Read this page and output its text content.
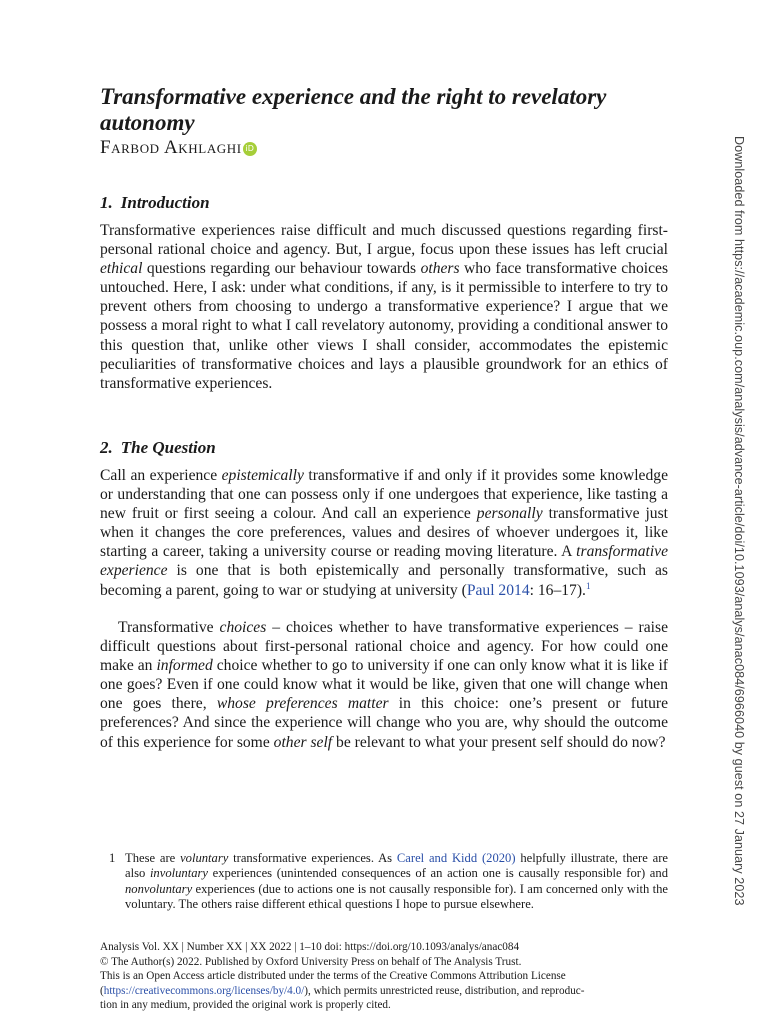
Transformative experience and the right to revelatory autonomy
Farbod Akhlaghi iD
1. Introduction

Transformative experiences raise difficult and much discussed questions regarding first-personal rational choice and agency. But, I argue, focus upon these issues has left crucial ethical questions regarding our behaviour towards others who face transformative choices untouched. Here, I ask: under what conditions, if any, is it permissible to interfere to try to prevent others from choosing to undergo a transformative experience? I argue that we possess a moral right to what I call revelatory autonomy, providing a conditional answer to this question that, unlike other views I shall consider, accommodates the epistemic peculiarities of transformative choices and lays a plausible groundwork for an ethics of transformative experiences.

2. The Question

Call an experience epistemically transformative if and only if it provides some knowledge or understanding that one can possess only if one undergoes that experience, like tasting a new fruit or first seeing a colour. And call an experience personally transformative just when it changes the core preferences, values and desires of whoever undergoes it, like starting a career, taking a university course or reading moving literature. A transformative experience is one that is both epistemically and personally transformative, such as becoming a parent, going to war or studying at university (Paul 2014: 16–17).$^1$

Transformative choices – choices whether to have transformative experiences – raise difficult questions about first-personal rational choice and agency. For how could one make an informed choice whether to go to university if one can only know what it is like if one goes? Even if one could know what it would be like, given that one will change when one goes there, whose preferences matter in this choice: one’s present or future preferences? And since the experience will change who you are, why should the outcome of this experience for some other self be relevant to what your present self should do now?

1 These are voluntary transformative experiences. As Carel and Kidd (2020) helpfully illustrate, there are also involuntary experiences (unintended consequences of an action one is causally responsible for) and nonvoluntary experiences (due to actions one is not causally responsible for). I am concerned only with the voluntary. The others raise different ethical questions I hope to pursue elsewhere.
Analysis Vol. XX | Number XX | XX 2022 | 1–10 doi: https://doi.org/10.1093/analys/anac084
© The Author(s) 2022. Published by Oxford University Press on behalf of The Analysis Trust.
This is an Open Access article distributed under the terms of the Creative Commons Attribution License
(https://creativecommons.org/licenses/by/4.0/), which permits unrestricted reuse, distribution, and reproduc-
tion in any medium, provided the original work is properly cited.
Downloaded from https://academic.oup.com/analysis/advance-article/doi/10.1093/analys/anac084/6966040 by guest on 27 January 2023
